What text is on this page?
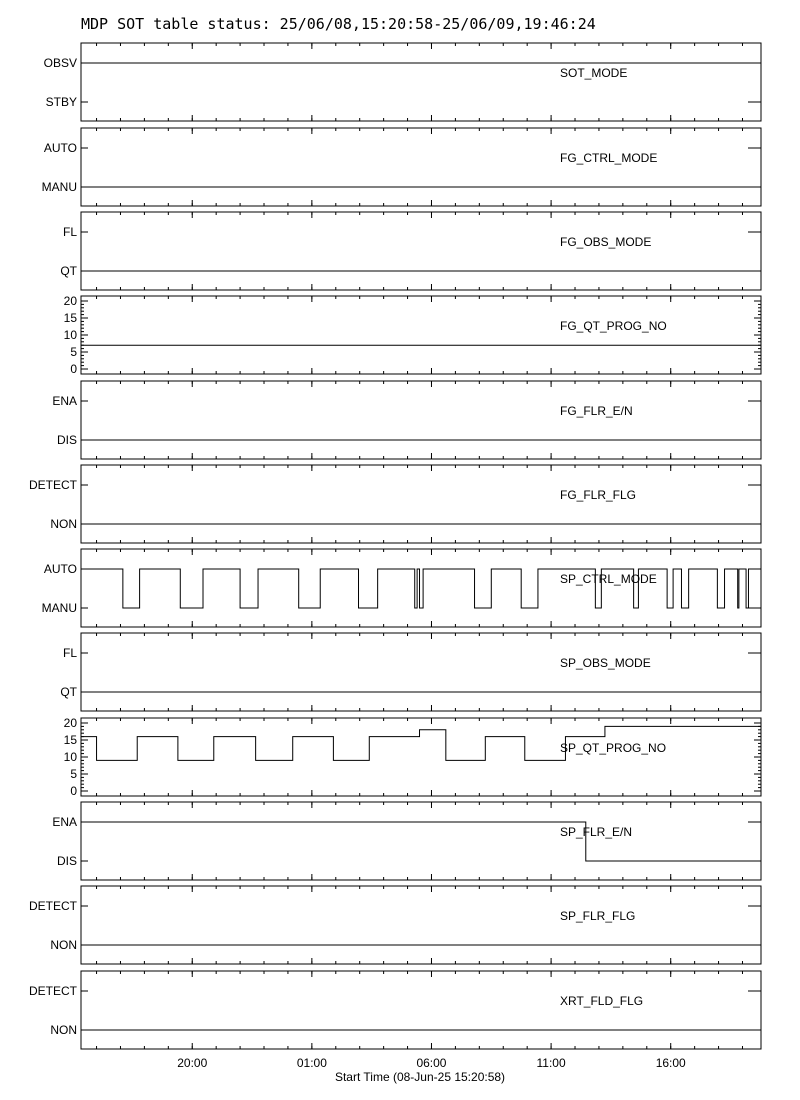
MDP SOT table status: 25/06/08,15:20:58-25/06/09,19:46:24
OBSV
STBY
SOT_MODE
AUTO
MANU
FG_CTRL_MODE
FL
QT
FG_OBS_MODE
0
5
10
15
20
FG_QT_PROG_NO
ENA
DIS
FG_FLR_E/N
DETECT
NON
FG_FLR_FLG
AUTO
MANU
SP_CTRL_MODE
FL
QT
SP_OBS_MODE
0
5
10
15
20
SP_QT_PROG_NO
ENA
DIS
SP_FLR_E/N
DETECT
NON
SP_FLR_FLG
DETECT
NON
XRT_FLD_FLG
20:00	01:00	06:00	11:00	16:00
Start Time (08-Jun-25 15:20:58)
